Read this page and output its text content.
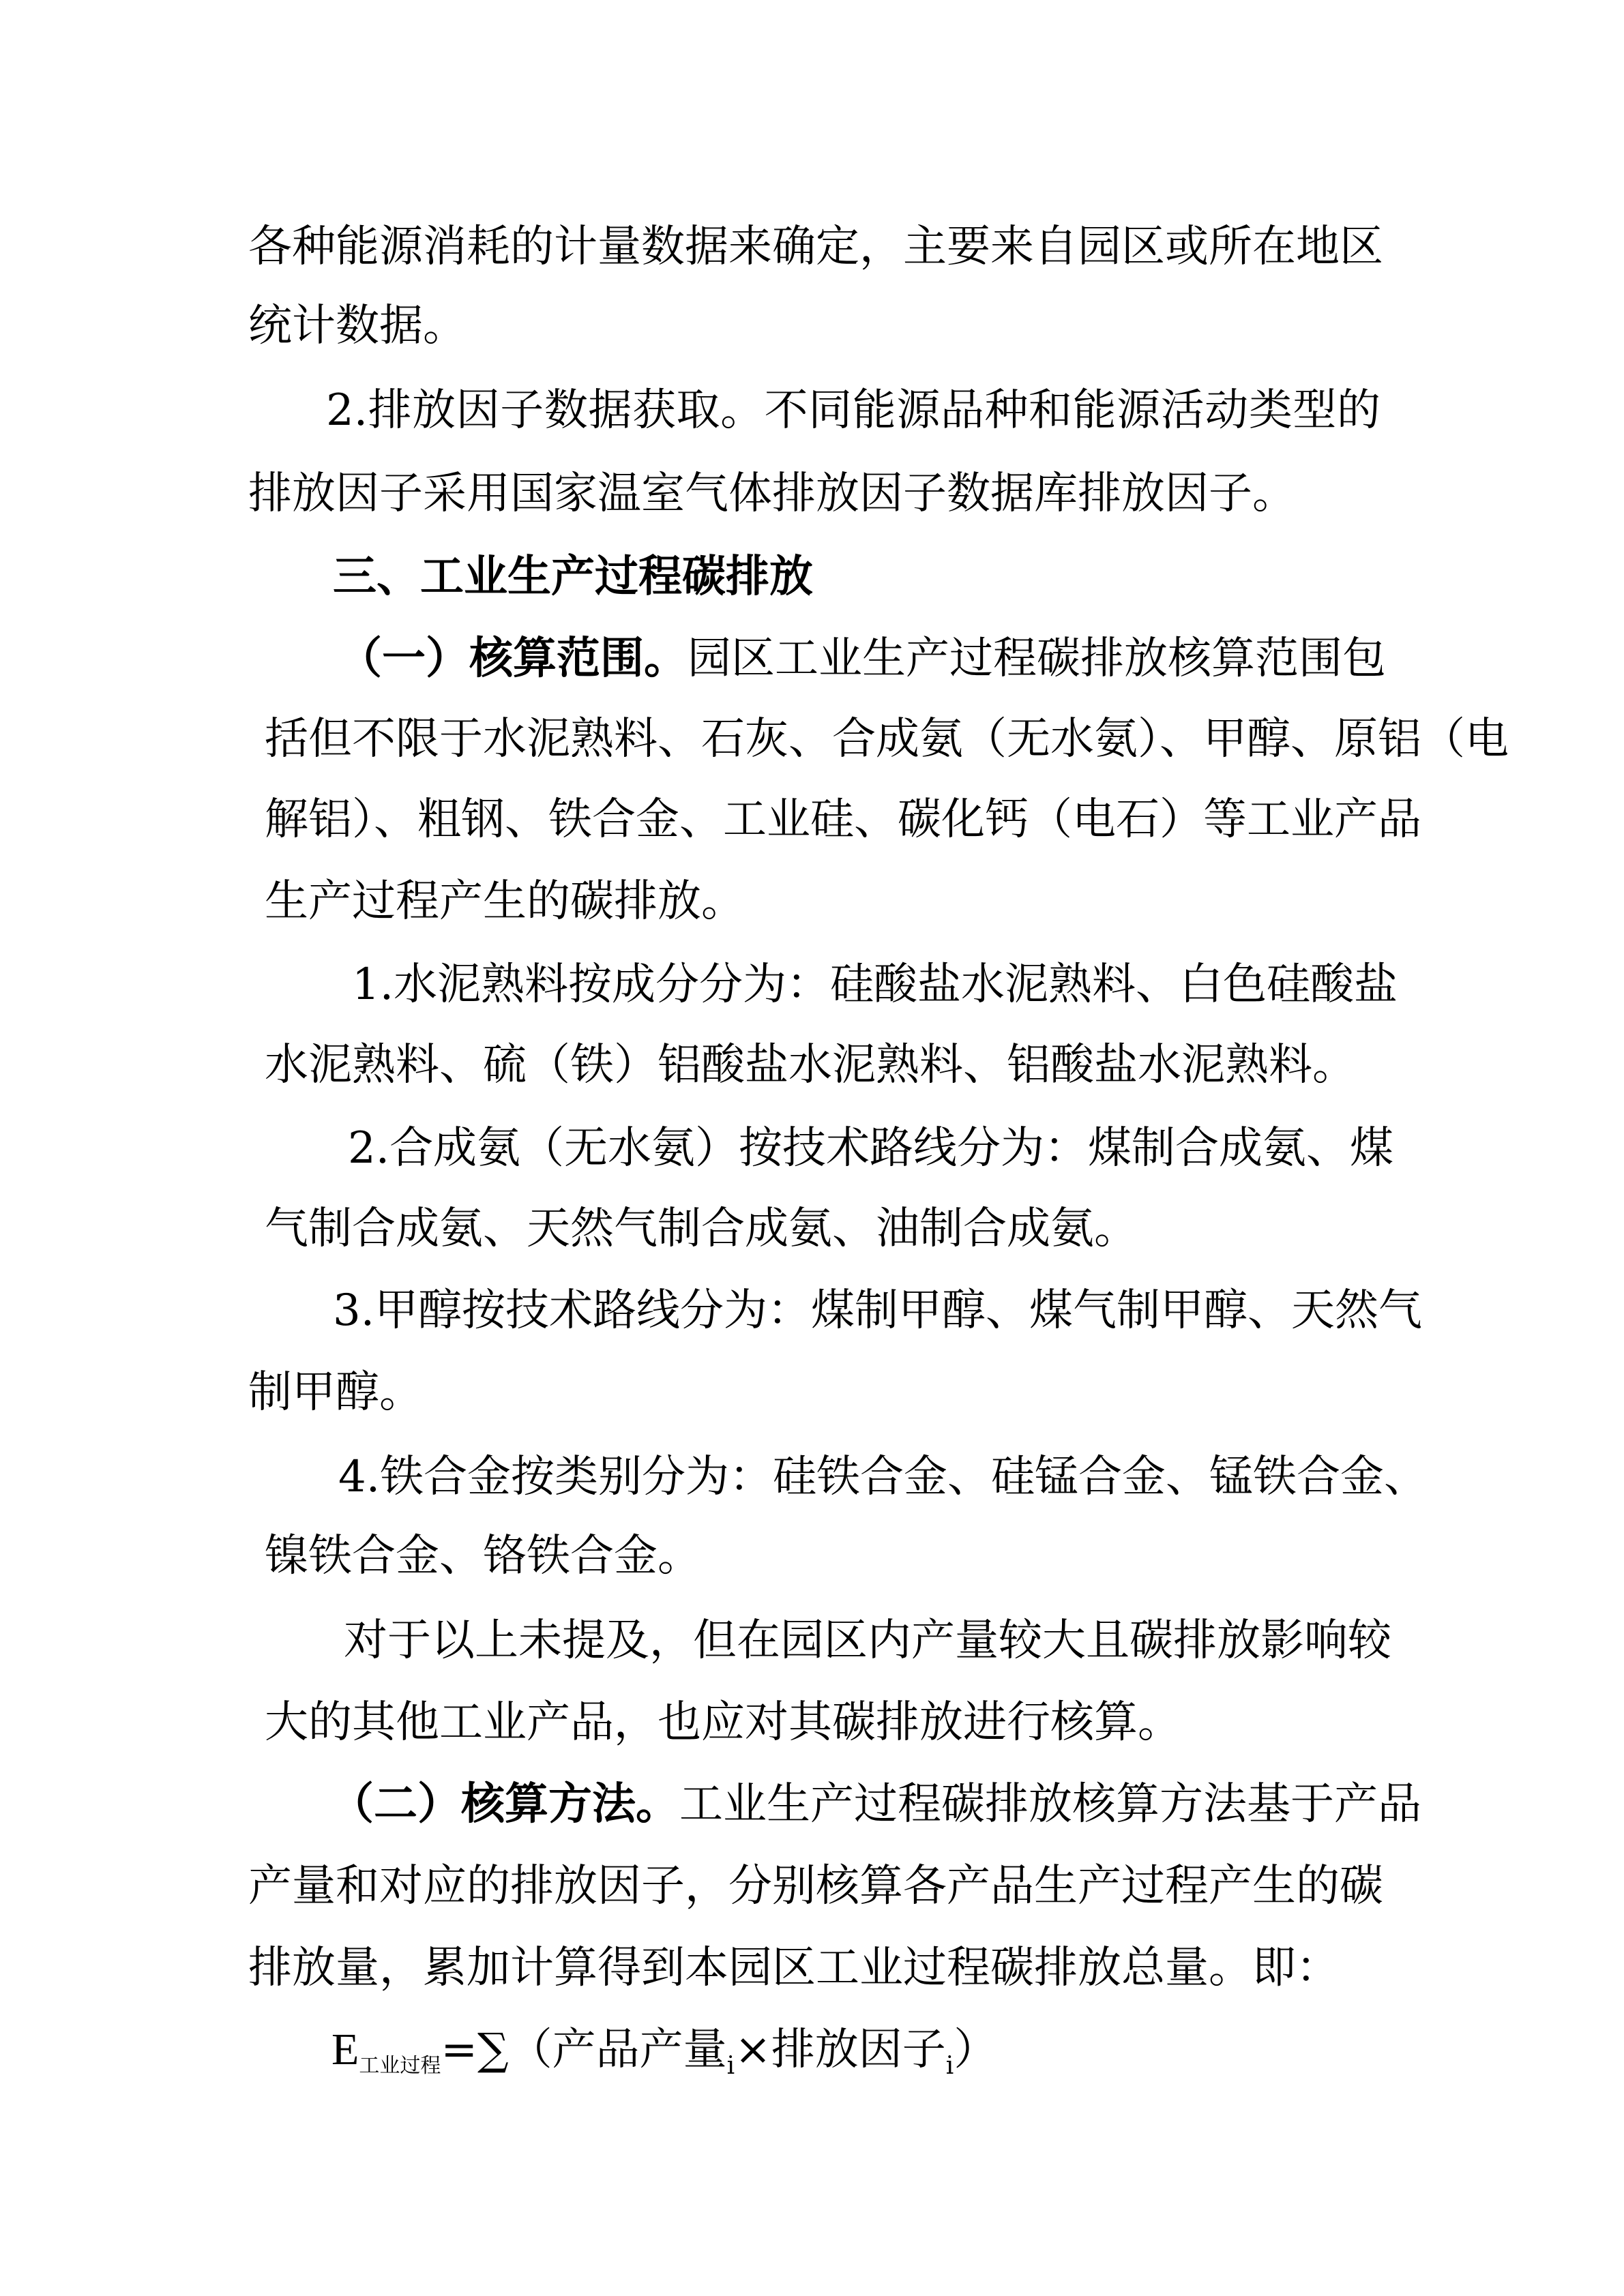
各种能源消耗的计量数据来确定，主要来自园区或所在地区

统计数据。

2.排放因子数据获取。不同能源品种和能源活动类型的

排放因子采用国家温室气体排放因子数据库排放因子。

三、工业生产过程碳排放

（一）核算范围。园区工业生产过程碳排放核算范围包

括但不限于水泥熟料、石灰、合成氨（无水氨）、甲醇、原铝（电

解铝）、粗钢、铁合金、工业硅、碳化钙（电石）等工业产品

生产过程产生的碳排放。

1.水泥熟料按成分分为：硅酸盐水泥熟料、白色硅酸盐

水泥熟料、硫（铁）铝酸盐水泥熟料、铝酸盐水泥熟料。

2.合成氨（无水氨）按技术路线分为：煤制合成氨、煤

气制合成氨、天然气制合成氨、油制合成氨。

3.甲醇按技术路线分为：煤制甲醇、煤气制甲醇、天然气

制甲醇。

4.铁合金按类别分为：硅铁合金、硅锰合金、锰铁合金、

镍铁合金、铬铁合金。

对于以上未提及，但在园区内产量较大且碳排放影响较

大的其他工业产品，也应对其碳排放进行核算。

（二）核算方法。工业生产过程碳排放核算方法基于产品

产量和对应的排放因子，分别核算各产品生产过程产生的碳

排放量，累加计算得到本园区工业过程碳排放总量。即：

$E_{工业过程}=\sum$（产品产量$_i$×排放因子$_i$）
